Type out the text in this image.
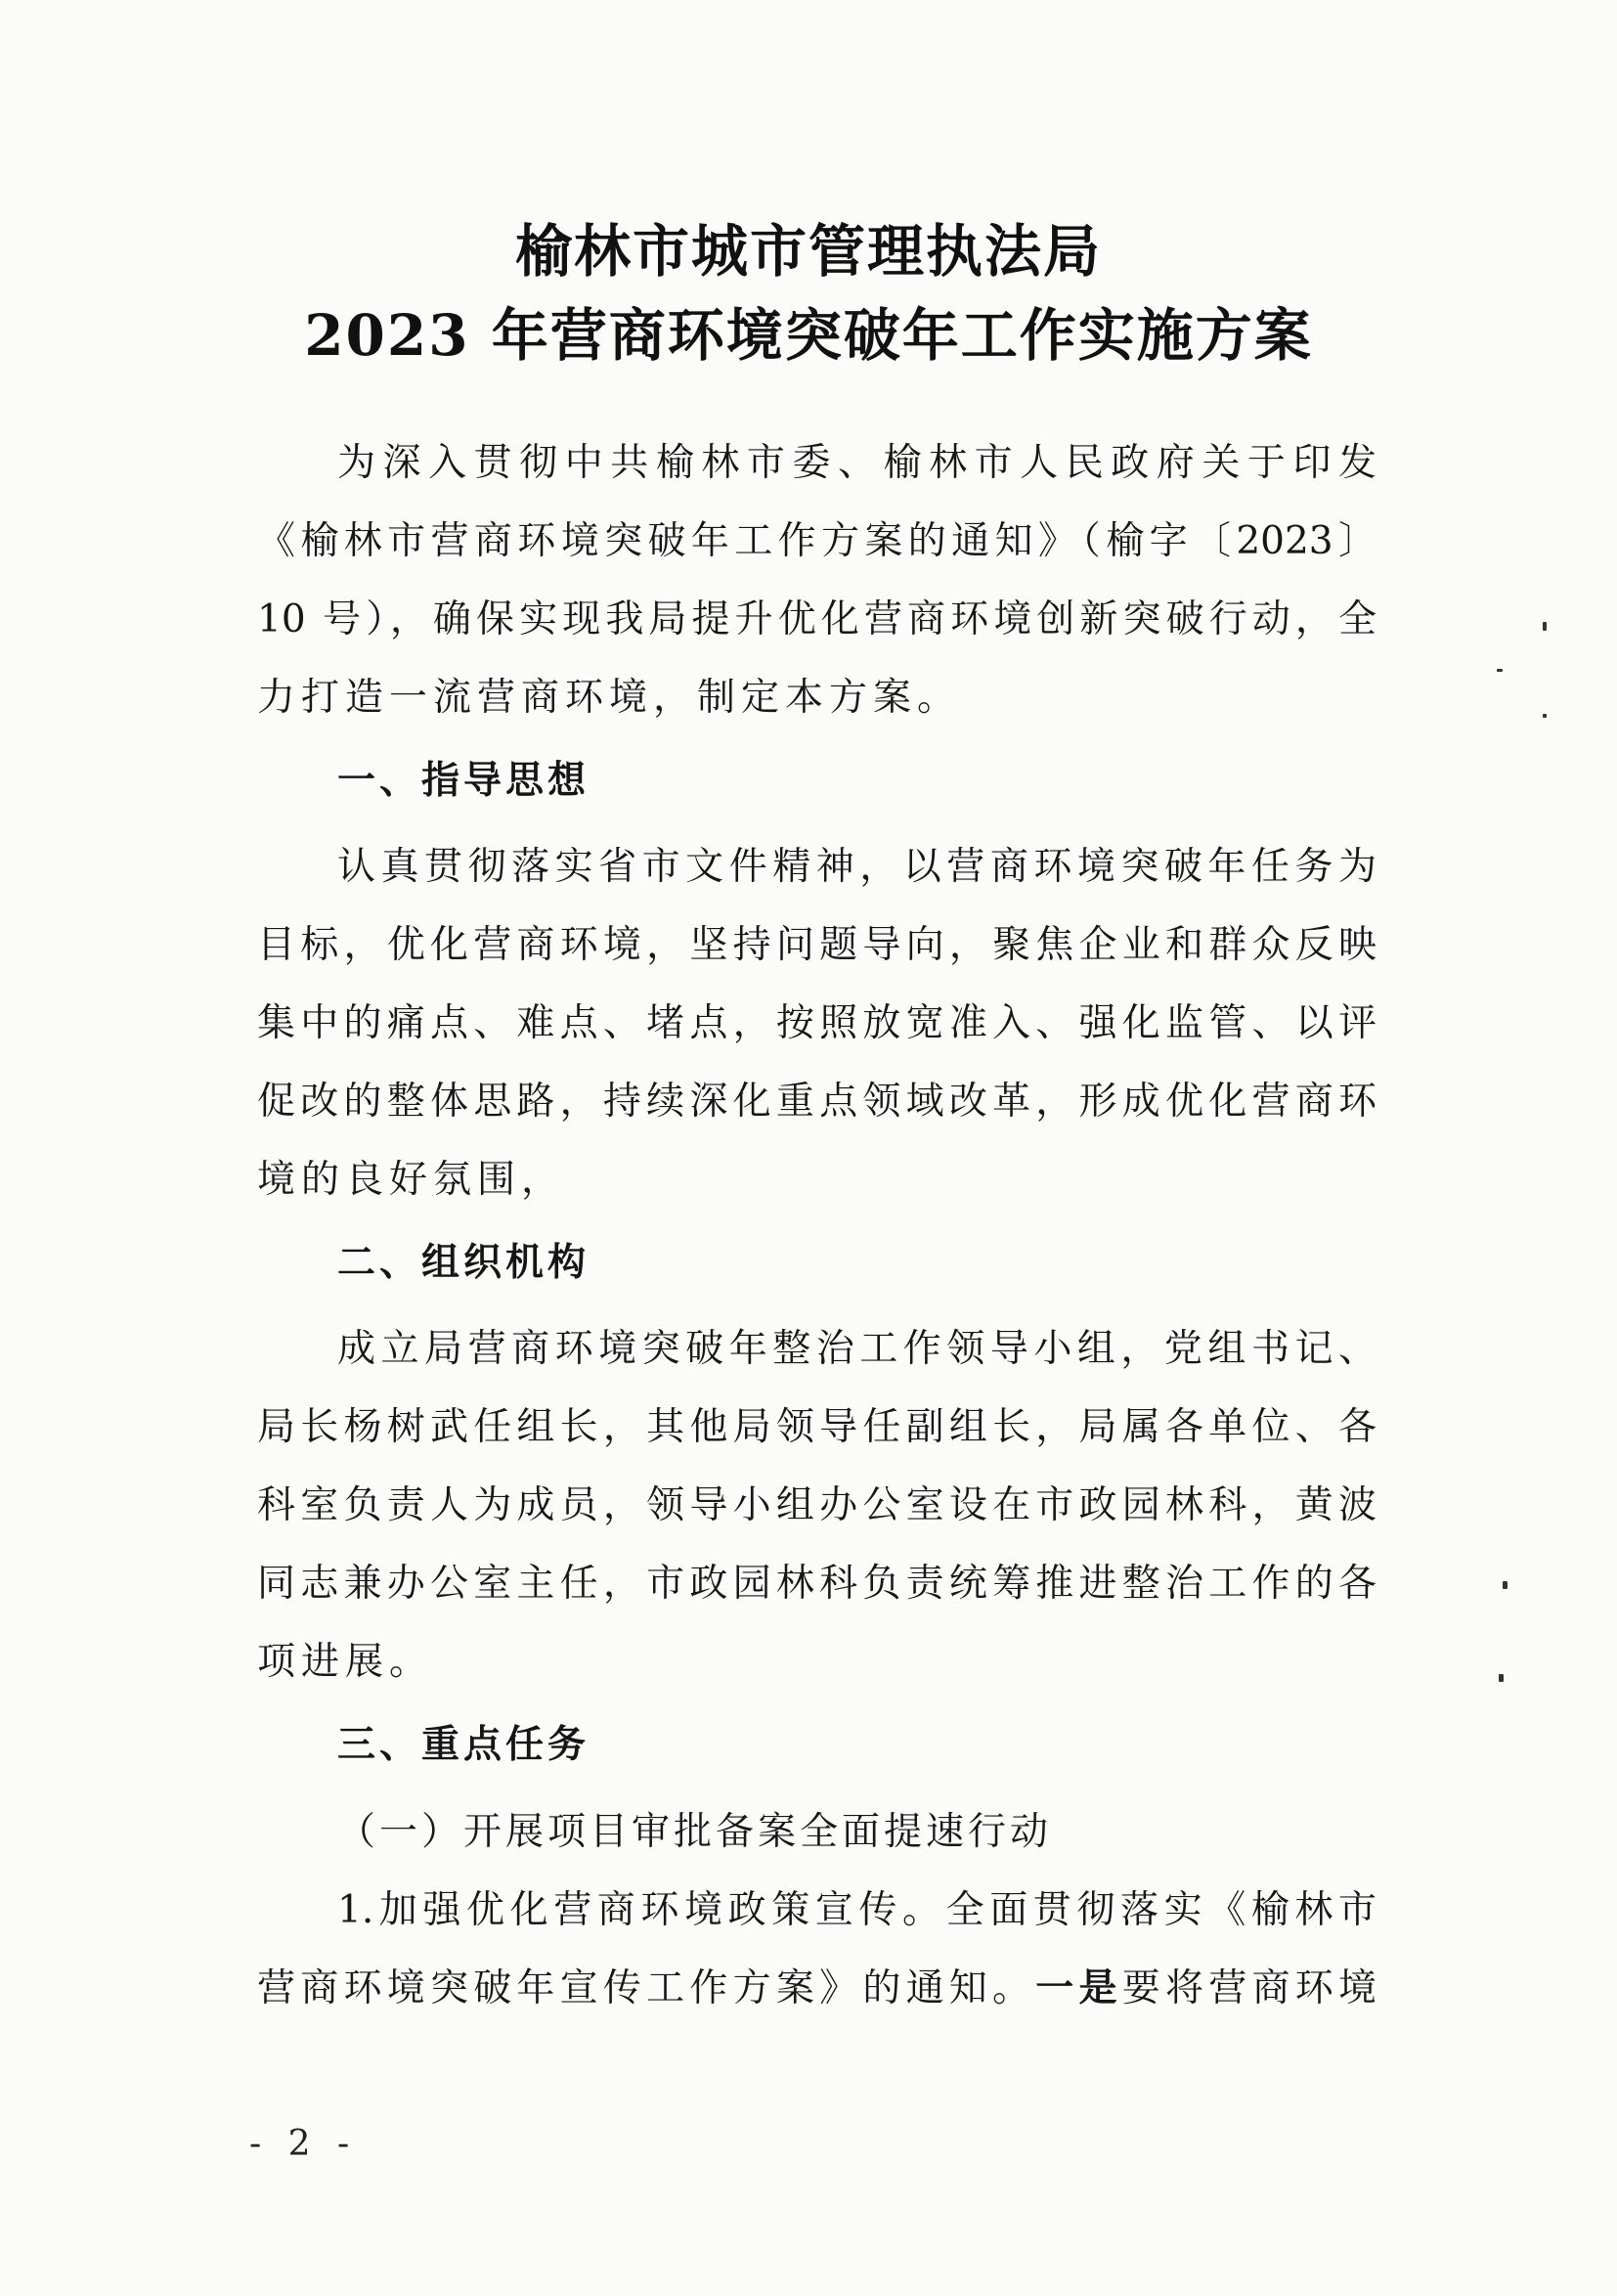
榆林市城市管理执法局
2023 年营商环境突破年工作实施方案
为深入贯彻中共榆林市委、榆林市人民政府关于印发
《榆林市营商环境突破年工作方案的通知》（榆字〔2023〕
10 号），确保实现我局提升优化营商环境创新突破行动，全
力打造一流营商环境，制定本方案。
一、指导思想
认真贯彻落实省市文件精神，以营商环境突破年任务为
目标，优化营商环境，坚持问题导向，聚焦企业和群众反映
集中的痛点、难点、堵点，按照放宽准入、强化监管、以评
促改的整体思路，持续深化重点领域改革，形成优化营商环
境的良好氛围，
二、组织机构
成立局营商环境突破年整治工作领导小组，党组书记、
局长杨树武任组长，其他局领导任副组长，局属各单位、各
科室负责人为成员，领导小组办公室设在市政园林科，黄波
同志兼办公室主任，市政园林科负责统筹推进整治工作的各
项进展。
三、重点任务
（一）开展项目审批备案全面提速行动
1.加强优化营商环境政策宣传。全面贯彻落实《榆林市
营商环境突破年宣传工作方案》的通知。一是要将营商环境
- 2 -
